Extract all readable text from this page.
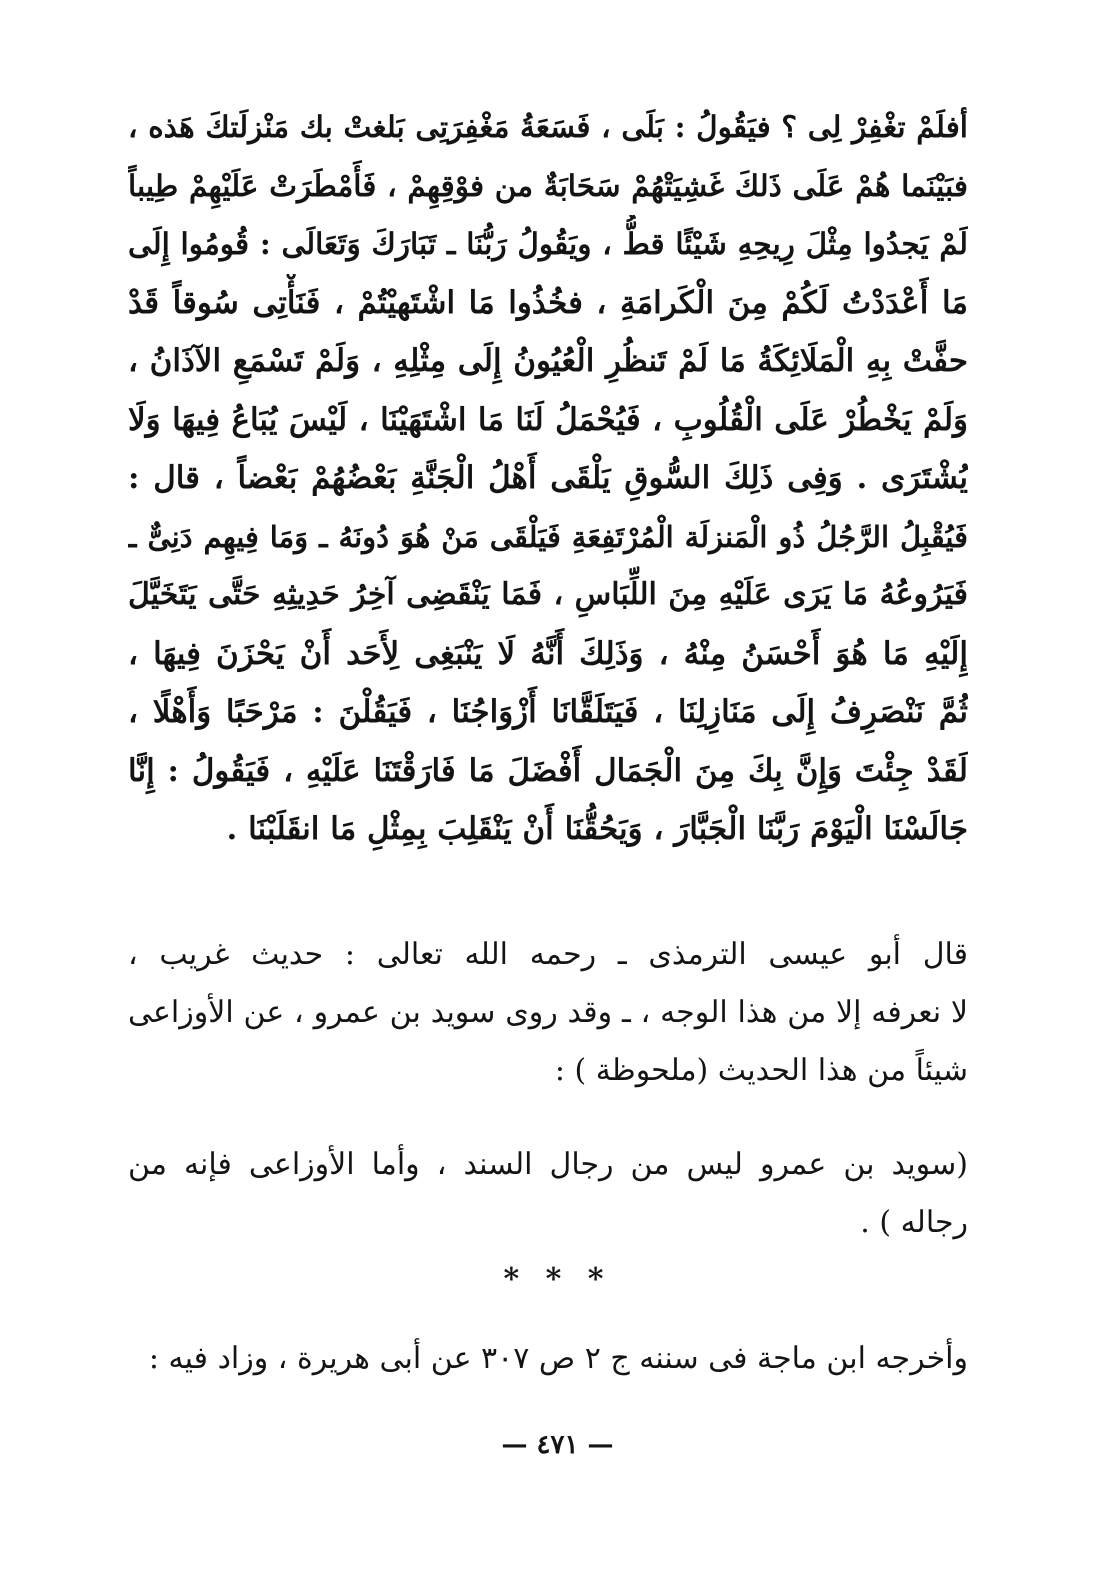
أفلَمْ تغْفِرْ لِى ؟ فيَقُولُ : بَلَى ، فَسَعَةُ مَغْفِرَتِى بَلغتْ بك مَنْزلَتكَ هَذه ،
فبَيْنَما هُمْ عَلَى ذَلكَ غَشِيَتْهُمْ سَحَابَةٌ من فوْقِهِمْ ، فَأَمْطَرَتْ عَلَيْهِمْ طِيباً
لَمْ يَجدُوا مِثْلَ رِيحِهِ شَيْئًا قطُّ ، ويَقُولُ رَبُّنَا ـ تَبَارَكَ وَتَعَالَى : قُومُوا إِلَى
مَا أَعْدَدْتُ لَكُمْ مِنَ الْكَرامَةِ ، فخُذُوا مَا اشْتَهيْتُمْ ، فَنَأْتِى سُوقاً قَدْ
حفَّتْ بِهِ الْمَلَائِكَةُ مَا لَمْ تَنظُرِ الْعُيُونُ إِلَى مِثْلِهِ ، وَلَمْ تَسْمَعِ الآذَانُ ،
وَلَمْ يَخْطُرْ عَلَى الْقُلُوبِ ، فَيُحْمَلُ لَنَا مَا اشْتَهَيْنَا ، لَيْسَ يُبَاعُ فِيهَا وَلَا
يُشْتَرَى . وَفِى ذَلِكَ السُّوقِ يَلْقَى أَهْلُ الْجَنَّةِ بَعْضُهُمْ بَعْضاً ، قال :
فَيُقْبِلُ الرَّجُلُ ذُو الْمَنزلَة الْمُرْتَفِعَةِ فَيَلْقَى مَنْ هُوَ دُونَهُ ـ وَمَا فِيهِم دَنِىٌّ ـ
فَيَرُوعُهُ مَا يَرَى عَلَيْهِ مِنَ اللِّبَاسِ ، فَمَا يَنْقَضِى آخِرُ حَدِيثِهِ حَتَّى يَتَخَيَّلَ
إِلَيْهِ مَا هُوَ أَحْسَنُ مِنْهُ ، وَذَلِكَ أَنَّهُ لَا يَنْبَغِى لِأَحَد أَنْ يَحْزَنَ فِيهَا ،
ثُمَّ نَنْصَرِفُ إِلَى مَنَازِلِنَا ، فَيَتَلَقَّانَا أَزْوَاجُنَا ، فَيَقُلْنَ : مَرْحَبًا وَأَهْلًا ،
لَقَدْ جِئْتَ وَإِنَّ بِكَ مِنَ الْجَمَال أَفْضَلَ مَا فَارَقْتَنَا عَلَيْهِ ، فَيَقُولُ : إِنَّا
جَالَسْنَا الْيَوْمَ رَبَّنَا الْجَبَّارَ ، وَيَحُقُّنَا أَنْ يَنْقَلِبَ بِمِثْلِ مَا انقَلَبْنَا .
قال أبو عيسى الترمذى ـ رحمه الله تعالى : حديث غريب ،
لا نعرفه إلا من هذا الوجه ، ـ وقد روى سويد بن عمرو ، عن الأوزاعى
شيئاً من هذا الحديث (ملحوظة ) :
(سويد بن عمرو ليس من رجال السند ، وأما الأوزاعى فإنه من
رجاله ) .
* * *
وأخرجه ابن ماجة فى سننه ج ٢ ص ٣٠٧ عن أبى هريرة ، وزاد فيه :
— ٤٧١ —
